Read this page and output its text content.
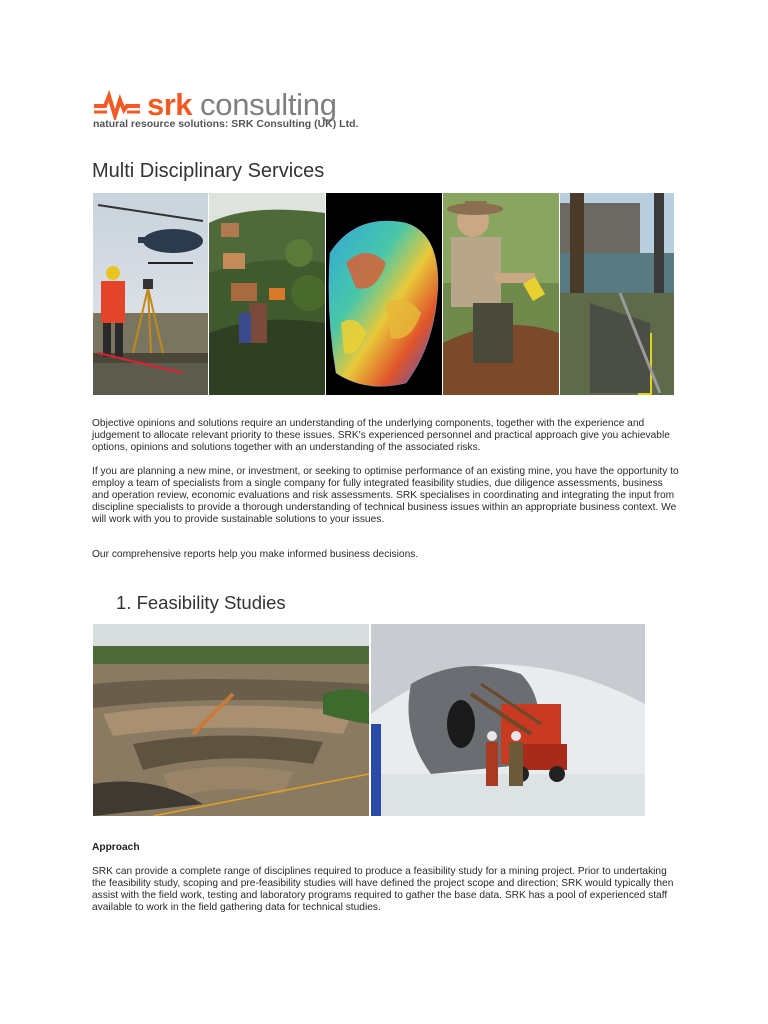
srk consulting
natural resource solutions: SRK Consulting (UK) Ltd.
Multi Disciplinary Services

Objective opinions and solutions require an understanding of the underlying components, together with the experience and judgement to allocate relevant priority to these issues. SRK's experienced personnel and practical approach give you achievable options, opinions and solutions together with an understanding of the associated risks.

If you are planning a new mine, or investment, or seeking to optimise performance of an existing mine, you have the opportunity to employ a team of specialists from a single company for fully integrated feasibility studies, due diligence assessments, business and operation review, economic evaluations and risk assessments. SRK specialises in coordinating and integrating the input from discipline specialists to provide a thorough understanding of technical business issues within an appropriate business context. We will work with you to provide sustainable solutions to your issues.

Our comprehensive reports help you make informed business decisions.

1. Feasibility Studies

Approach

SRK can provide a complete range of disciplines required to produce a feasibility study for a mining project. Prior to undertaking the feasibility study, scoping and pre-feasibility studies will have defined the project scope and direction; SRK would typically then assist with the field work, testing and laboratory programs required to gather the base data. SRK has a pool of experienced staff available to work in the field gathering data for technical studies.
